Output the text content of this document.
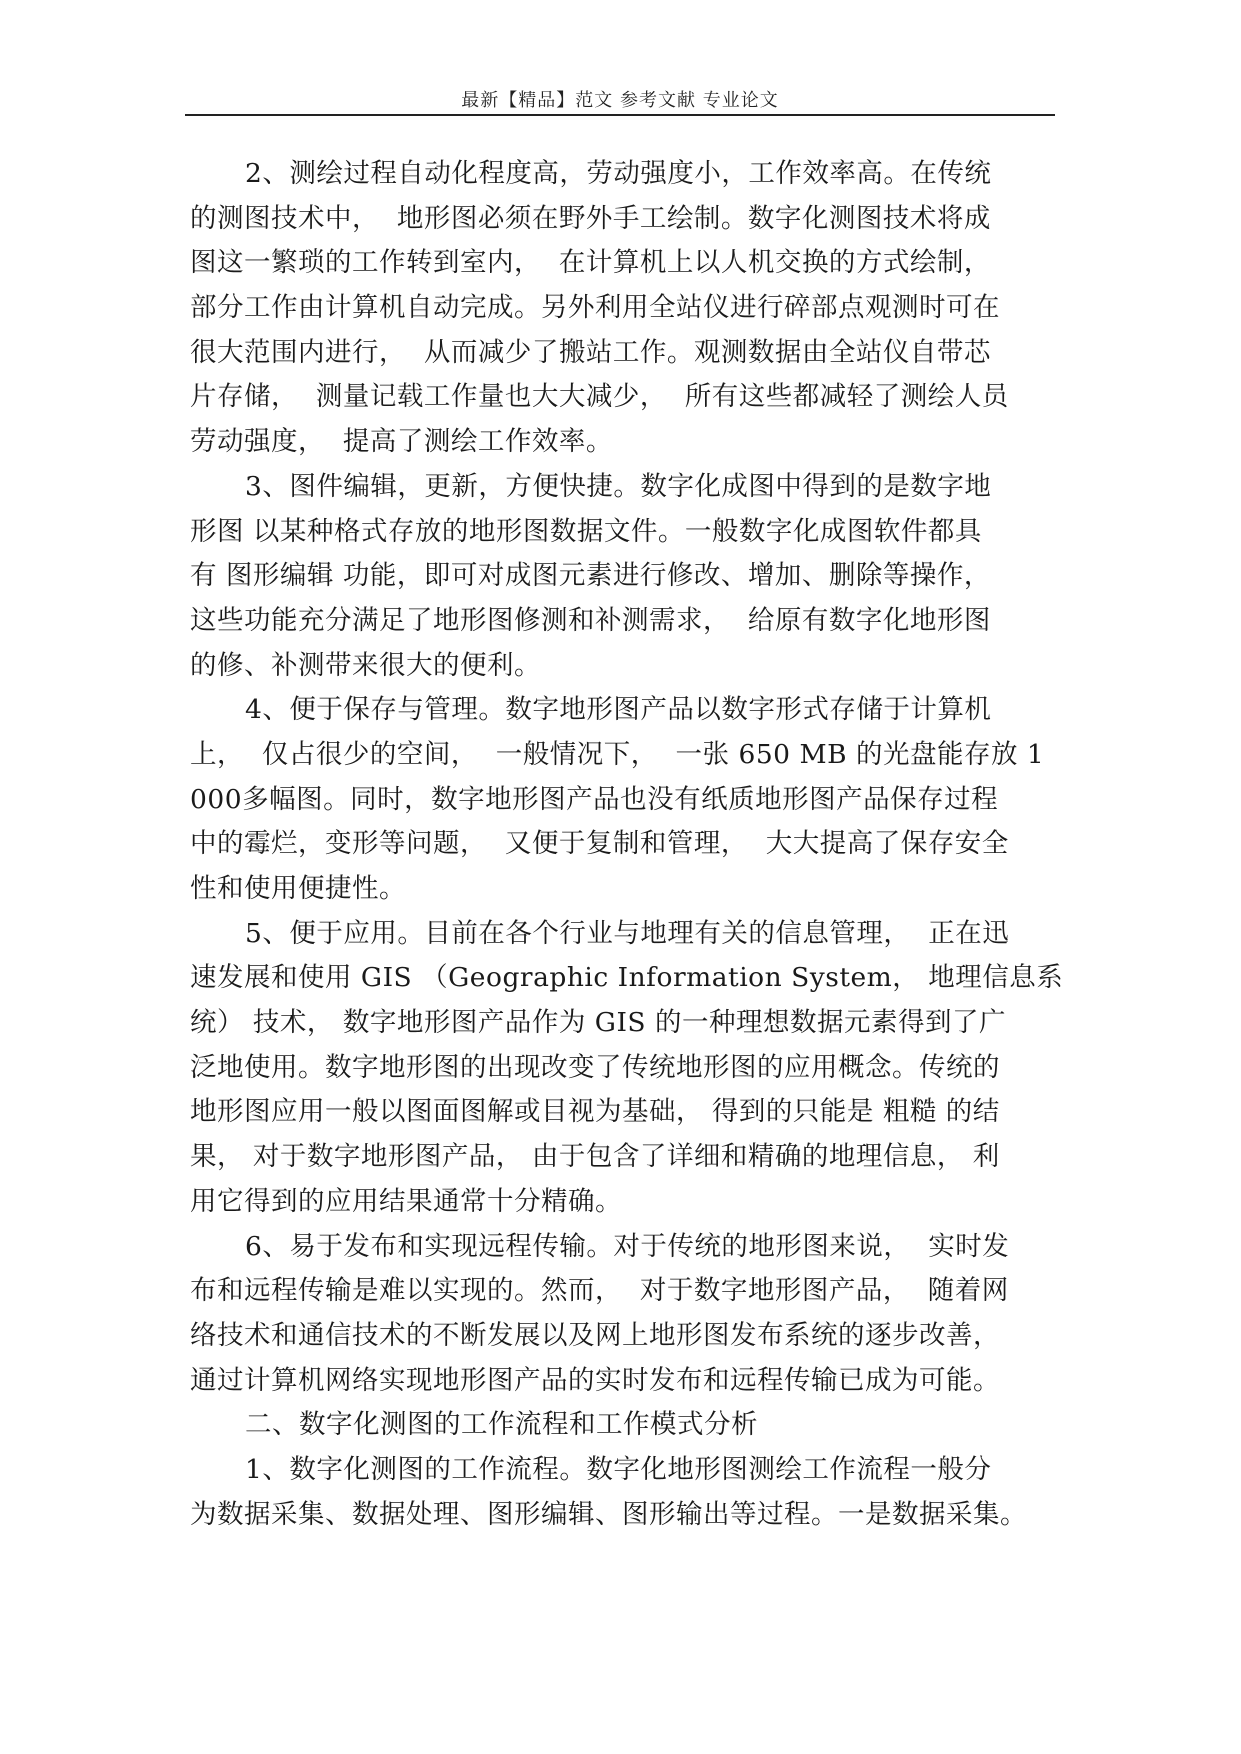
最新【精品】范文 参考文献 专业论文
2、测绘过程自动化程度高，劳动强度小，工作效率高。在传统
的测图技术中，  地形图必须在野外手工绘制。数字化测图技术将成
图这一繁琐的工作转到室内，  在计算机上以人机交换的方式绘制，
部分工作由计算机自动完成。另外利用全站仪进行碎部点观测时可在
很大范围内进行，  从而减少了搬站工作。观测数据由全站仪自带芯
片存储，  测量记载工作量也大大减少，  所有这些都减轻了测绘人员
劳动强度，  提高了测绘工作效率。
3、图件编辑，更新，方便快捷。数字化成图中得到的是数字地
形图 以某种格式存放的地形图数据文件。一般数字化成图软件都具
有 图形编辑 功能，即可对成图元素进行修改、增加、删除等操作，
这些功能充分满足了地形图修测和补测需求，  给原有数字化地形图
的修、补测带来很大的便利。
4、便于保存与管理。数字地形图产品以数字形式存储于计算机
上，  仅占很少的空间，  一般情况下，  一张 650 MB 的光盘能存放 1
000多幅图。同时，数字地形图产品也没有纸质地形图产品保存过程
中的霉烂，变形等问题，  又便于复制和管理，  大大提高了保存安全
性和使用便捷性。
5、便于应用。目前在各个行业与地理有关的信息管理，  正在迅
速发展和使用 GIS （Geographic Information System， 地理信息系
统） 技术， 数字地形图产品作为 GIS 的一种理想数据元素得到了广
泛地使用。数字地形图的出现改变了传统地形图的应用概念。传统的
地形图应用一般以图面图解或目视为基础， 得到的只能是 粗糙 的结
果， 对于数字地形图产品， 由于包含了详细和精确的地理信息， 利
用它得到的应用结果通常十分精确。
6、易于发布和实现远程传输。对于传统的地形图来说，  实时发
布和远程传输是难以实现的。然而，  对于数字地形图产品，  随着网
络技术和通信技术的不断发展以及网上地形图发布系统的逐步改善，
通过计算机网络实现地形图产品的实时发布和远程传输已成为可能。
二、数字化测图的工作流程和工作模式分析
1、数字化测图的工作流程。数字化地形图测绘工作流程一般分
为数据采集、数据处理、图形编辑、图形输出等过程。一是数据采集。
